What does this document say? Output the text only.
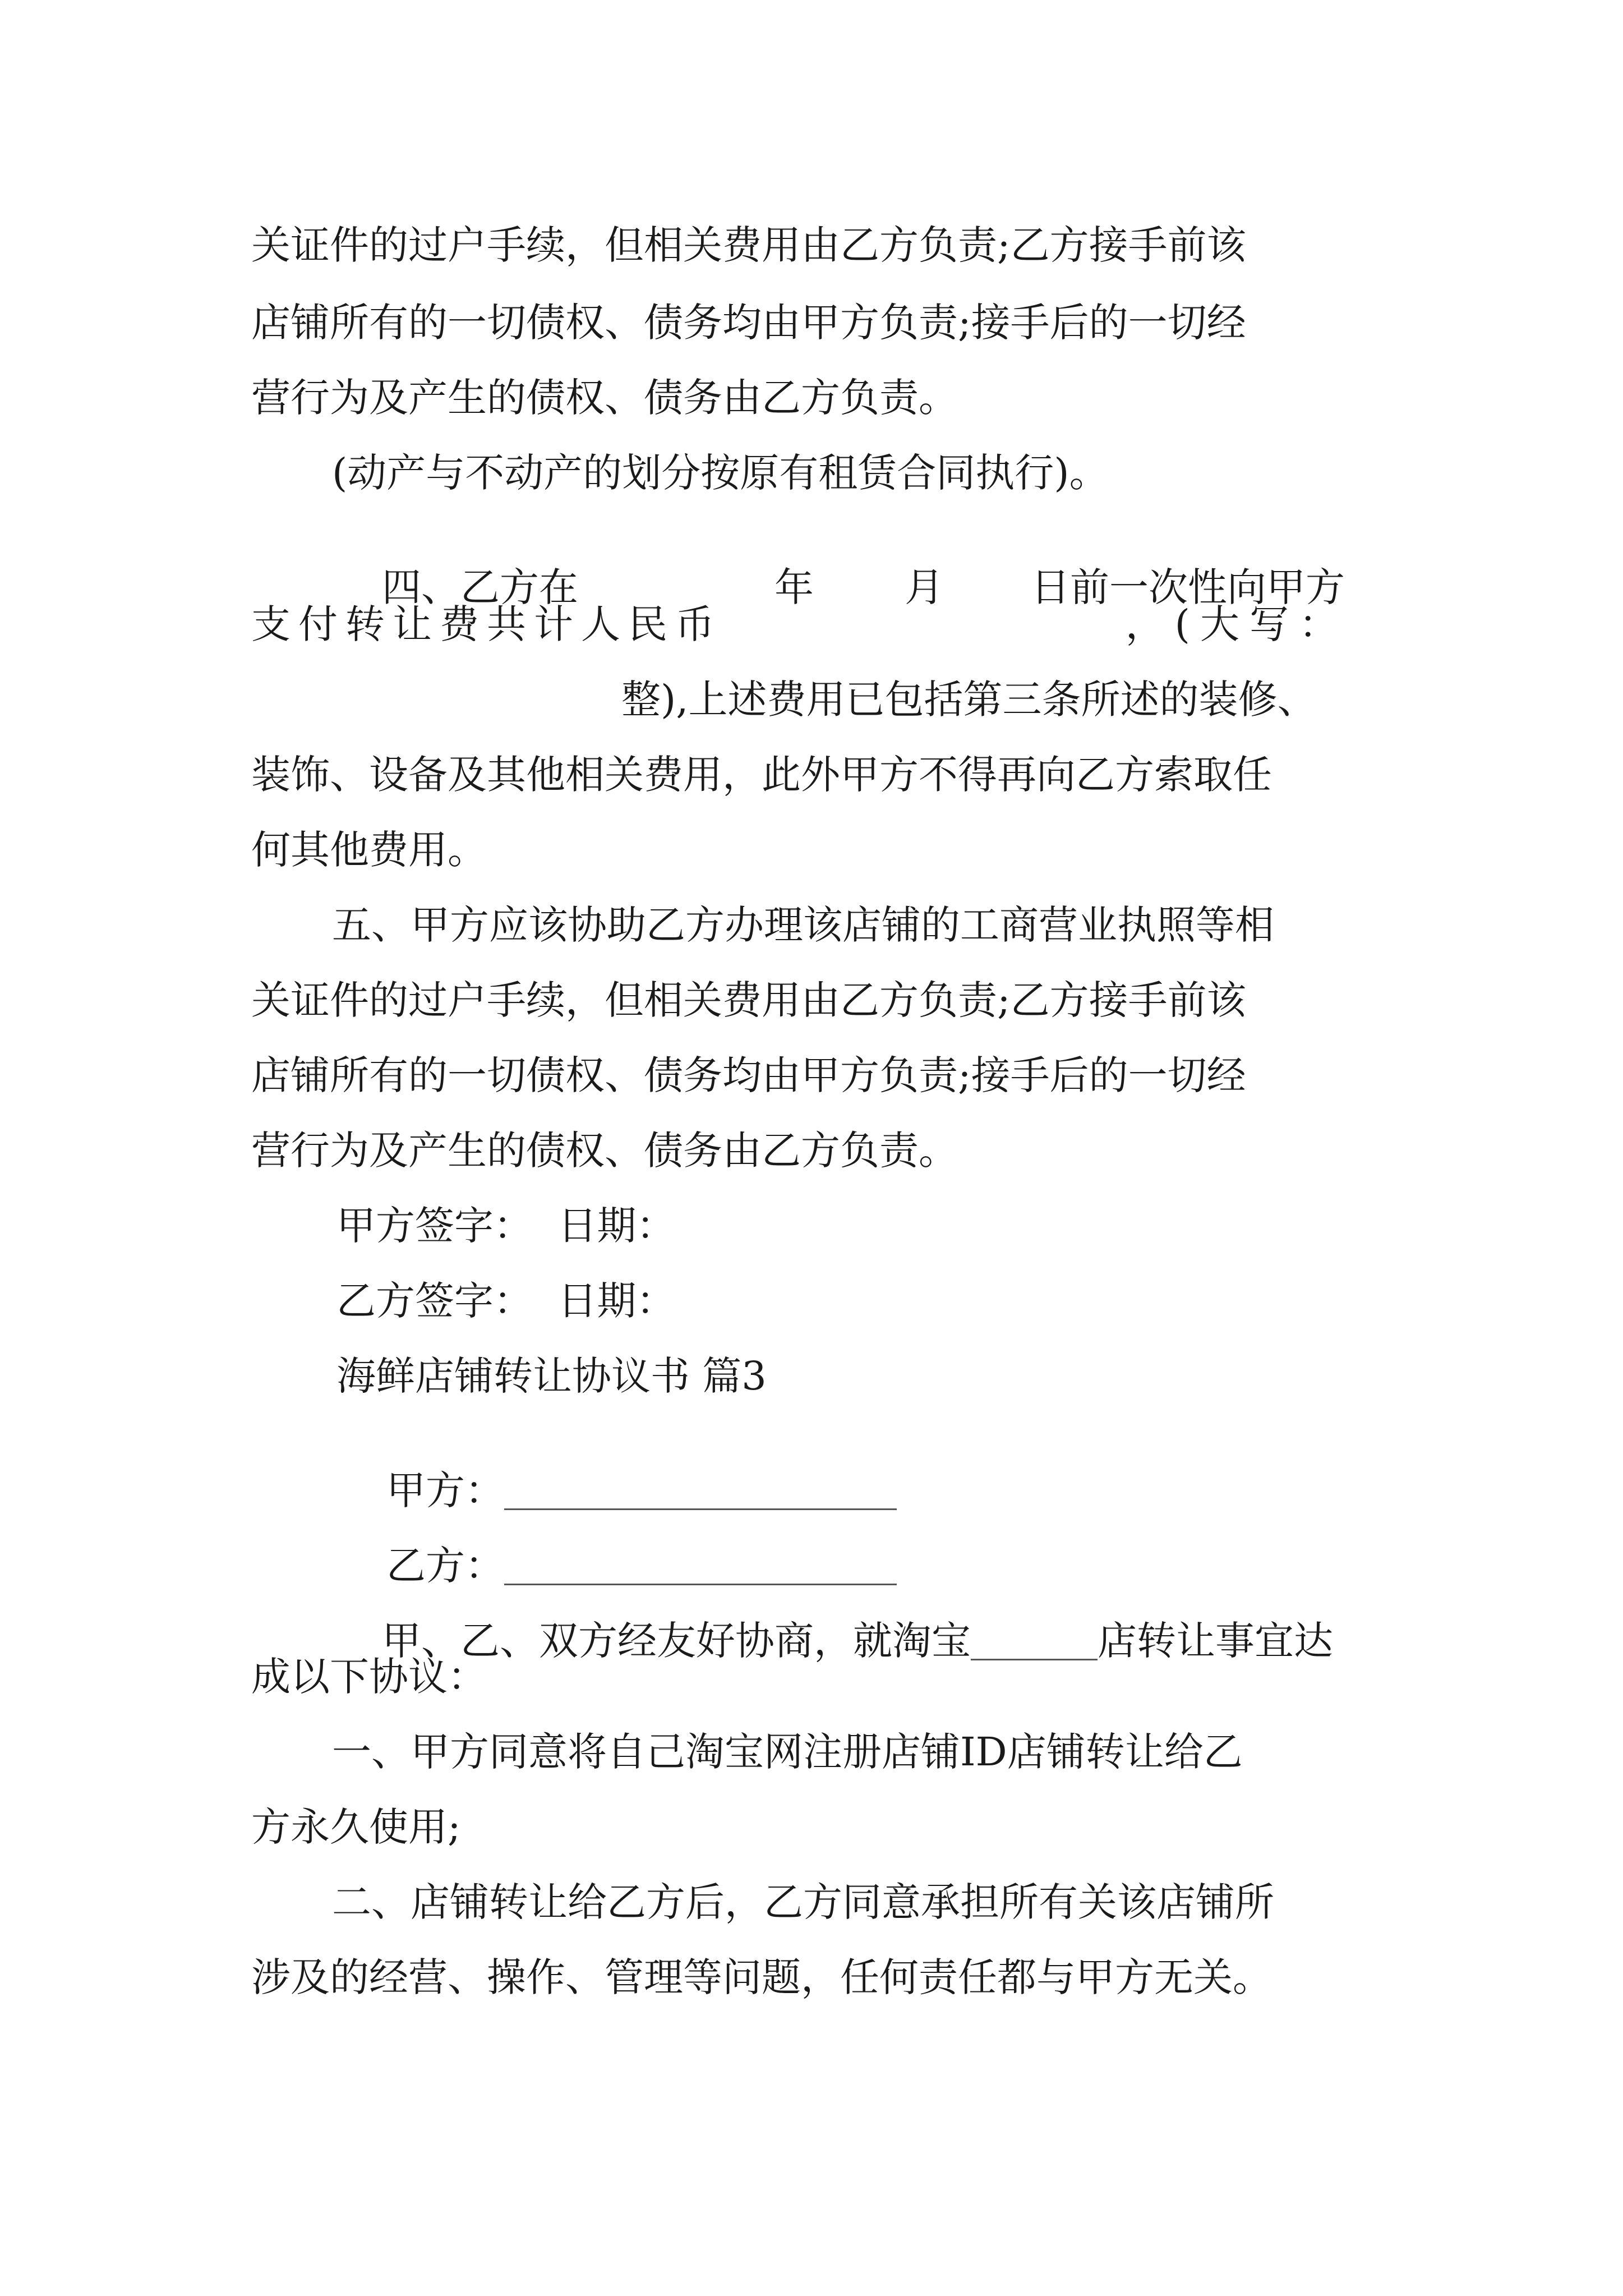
关证件的过户手续，但相关费用由乙方负责;乙方接手前该
店铺所有的一切债权、债务均由甲方负责;接手后的一切经
营行为及产生的债权、债务由乙方负责。
(动产与不动产的划分按原有租赁合同执行)。

四、乙方在	年 月 日前一次性向甲方

支付转让费共计人民币	，(大写：
整),上述费用已包括第三条所述的装修、
装饰、设备及其他相关费用，此外甲方不得再向乙方索取任
何其他费用。
五、甲方应该协助乙方办理该店铺的工商营业执照等相
关证件的过户手续，但相关费用由乙方负责;乙方接手前该
店铺所有的一切债权、债务均由甲方负责;接手后的一切经
营行为及产生的债权、债务由乙方负责。
甲方签字：  日期：
乙方签字：  日期：
海鲜店铺转让协议书 篇3

甲方：

乙方：

甲、乙、双方经友好协商，就淘宝	店转让事宜达

成以下协议：
一、甲方同意将自己淘宝网注册店铺ID店铺转让给乙
方永久使用;
二、店铺转让给乙方后，乙方同意承担所有关该店铺所
涉及的经营、操作、管理等问题，任何责任都与甲方无关。
